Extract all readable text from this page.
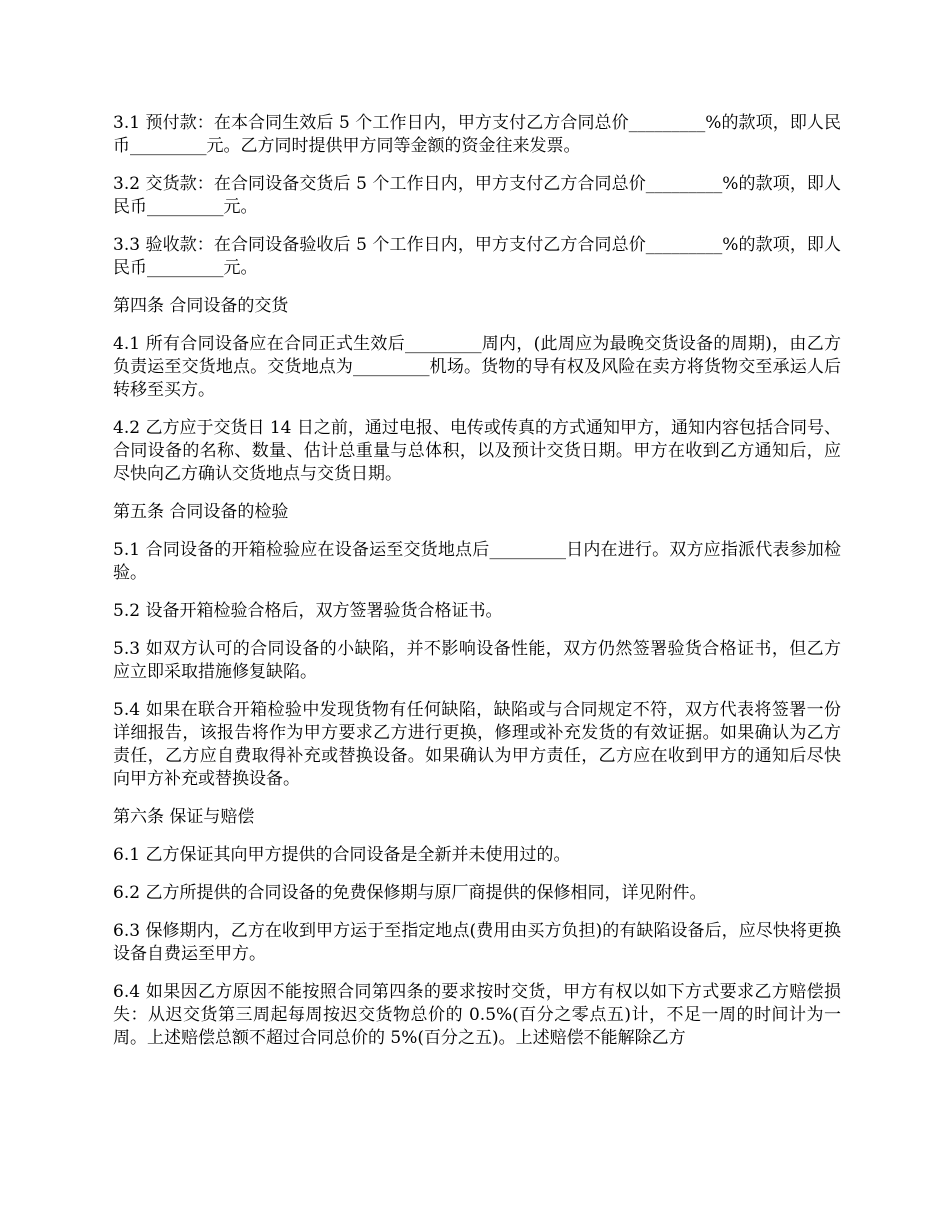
3.1 预付款：在本合同生效后 5 个工作日内，甲方支付乙方合同总价_________%的款项，即人民币_________元。乙方同时提供甲方同等金额的资金往来发票。

3.2 交货款：在合同设备交货后 5 个工作日内，甲方支付乙方合同总价_________%的款项，即人民币_________元。

3.3 验收款：在合同设备验收后 5 个工作日内，甲方支付乙方合同总价_________%的款项，即人民币_________元。

第四条 合同设备的交货

4.1 所有合同设备应在合同正式生效后_________周内，(此周应为最晚交货设备的周期)，由乙方负责运至交货地点。交货地点为_________机场。货物的导有权及风险在卖方将货物交至承运人后转移至买方。

4.2 乙方应于交货日 14 日之前，通过电报、电传或传真的方式通知甲方，通知内容包括合同号、合同设备的名称、数量、估计总重量与总体积，以及预计交货日期。甲方在收到乙方通知后，应尽快向乙方确认交货地点与交货日期。

第五条 合同设备的检验

5.1 合同设备的开箱检验应在设备运至交货地点后_________日内在进行。双方应指派代表参加检验。

5.2 设备开箱检验合格后，双方签署验货合格证书。

5.3 如双方认可的合同设备的小缺陷，并不影响设备性能，双方仍然签署验货合格证书，但乙方应立即采取措施修复缺陷。

5.4 如果在联合开箱检验中发现货物有任何缺陷，缺陷或与合同规定不符，双方代表将签署一份详细报告，该报告将作为甲方要求乙方进行更换，修理或补充发货的有效证据。如果确认为乙方责任，乙方应自费取得补充或替换设备。如果确认为甲方责任，乙方应在收到甲方的通知后尽快向甲方补充或替换设备。

第六条 保证与赔偿

6.1 乙方保证其向甲方提供的合同设备是全新并未使用过的。

6.2 乙方所提供的合同设备的免费保修期与原厂商提供的保修相同，详见附件。

6.3 保修期内，乙方在收到甲方运于至指定地点(费用由买方负担)的有缺陷设备后，应尽快将更换设备自费运至甲方。

6.4 如果因乙方原因不能按照合同第四条的要求按时交货，甲方有权以如下方式要求乙方赔偿损失：从迟交货第三周起每周按迟交货物总价的 0.5%(百分之零点五)计，不足一周的时间计为一周。上述赔偿总额不超过合同总价的 5%(百分之五)。上述赔偿不能解除乙方
